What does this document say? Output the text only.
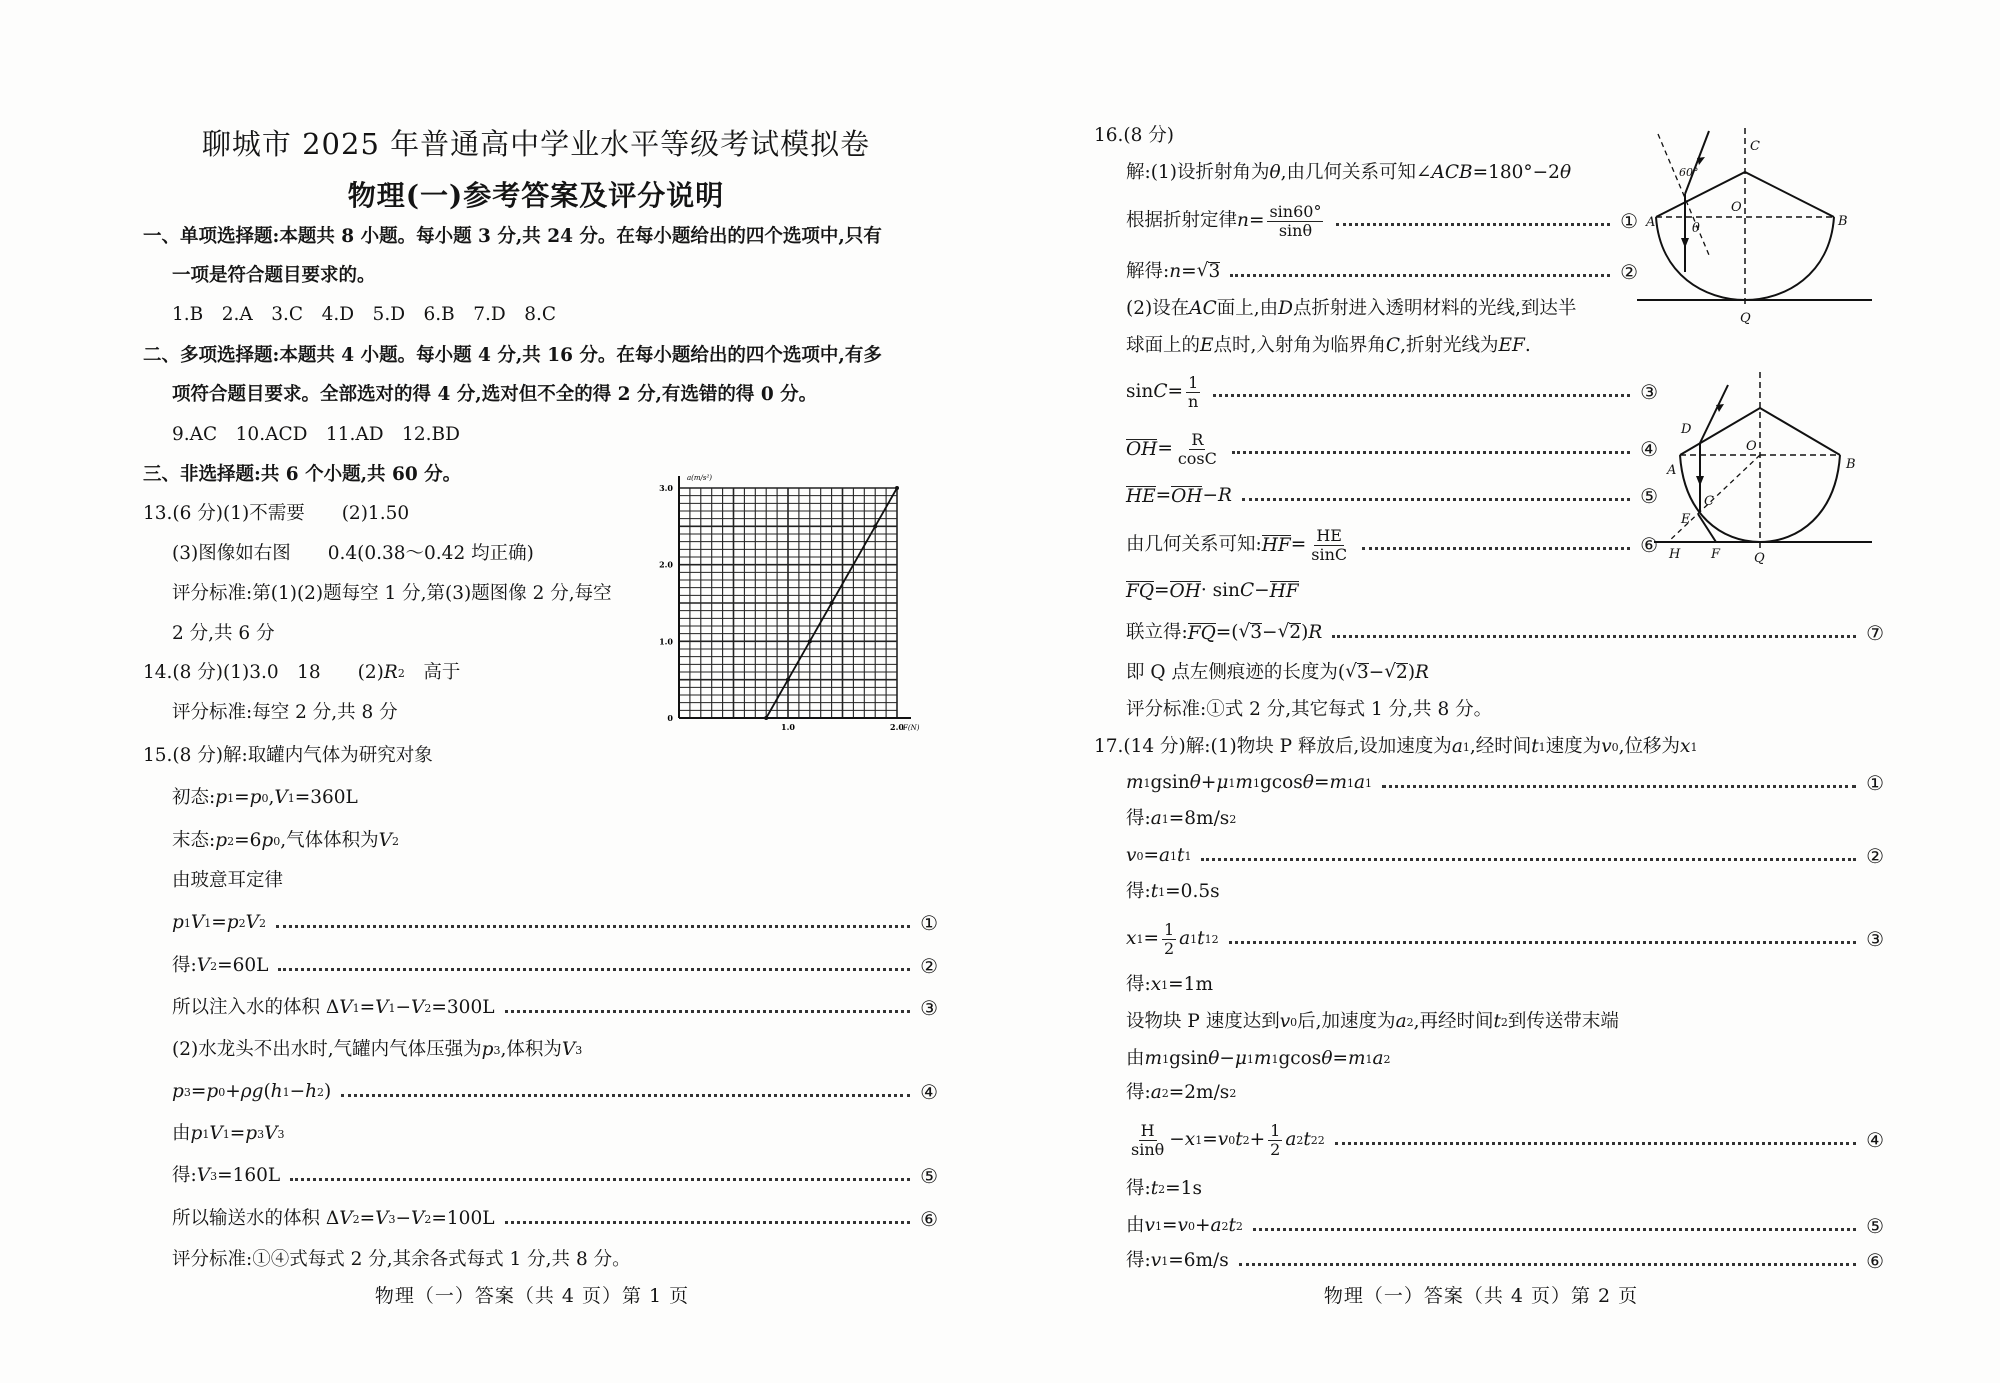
聊城市 2025 年普通高中学业水平等级考试模拟卷
物理(一)参考答案及评分说明
一、单项选择题:本题共 8 小题。每小题 3 分,共 24 分。在每小题给出的四个选项中,只有
一项是符合题目要求的。
1.B　2.A　3.C　4.D　5.D　6.B　7.D　8.C
二、多项选择题:本题共 4 小题。每小题 4 分,共 16 分。在每小题给出的四个选项中,有多
项符合题目要求。全部选对的得 4 分,选对但不全的得 2 分,有选错的得 0 分。
9.AC　10.ACD　11.AD　12.BD
三、非选择题:共 6 个小题,共 60 分。
13.(6 分)(1)不需要　　(2)1.50
(3)图像如右图　　0.4(0.38～0.42 均正确)
评分标准:第(1)(2)题每空 1 分,第(3)题图像 2 分,每空
2 分,共 6 分
14.(8 分)(1)3.0　18　　(2) R 2 　高于
评分标准:每空 2 分,共 8 分
15.(8 分)解:取罐内气体为研究对象
初态: p 1 = p 0 , V 1 =360L
末态: p 2 =6 p 0 ,气体体积为 V 2
由玻意耳定律
p 1 V 1 = p 2 V 2	①
得: V 2 =60L	②
所以注入水的体积 Δ V 1 = V 1 − V 2 =300L	③
(2)水龙头不出水时,气罐内气体压强为 p 3 ,体积为 V 3
p 3 = p 0 + ρg ( h 1 − h 2 )	④
由 p 1 V 1 = p 3 V 3
得: V 3 =160L	⑤
所以输送水的体积 Δ V 2 = V 3 − V 2 =100L	⑥
评分标准:①④式每式 2 分,其余各式每式 1 分,共 8 分。
物理（一）答案（共 4 页）第 1 页
16.(8 分)
解:(1)设折射角为 θ ,由几何关系可知∠ ACB =180°−2 θ
根据折射定律 $n = \frac{\sin 60^\circ}{\sin\theta}$	①
解得: n = √ 3	②
(2)设在 AC 面上,由 D 点折射进入透明材料的光线,到达半
球面上的 E 点时,入射角为临界角 C ,折射光线为 EF .
$\sin C = \frac{1}{n}$	③
OH = $\frac{R}{\cos C}$	④
HE = OH − R	⑤
由几何关系可知: HF = $\frac{HE}{\sin C}$	⑥
FQ = OH · sin C − HF
联立得: FQ =( √ 3 − √ 2 ) R	⑦
即 Q 点左侧痕迹的长度为( √ 3 − √ 2 ) R
评分标准:①式 2 分,其它每式 1 分,共 8 分。
17.(14 分)解:(1)物块 P 释放后,设加速度为 a 1 ,经时间 t 1 速度为 v 0 ,位移为 x 1
m 1 gsin θ + μ 1 m 1 gcos θ = m 1 a 1	①
得: a 1 =8m/s 2
v 0 = a 1 t 1	②
得: t 1 =0.5s
x $1 = \frac{1}{2}$ a 1 t 1 2	③
得: x 1 =1m
设物块 P 速度达到 v 0 后,加速度为 a 2 ,再经时间 t 2 到传送带末端
由 m 1 gsin θ − μ 1 m 1 gcos θ = m 1 a 2
得: a 2 =2m/s 2
$\frac{H}{\sin\theta} - x$ 1 = v 0 t $2 + \frac{1}{2}$ a 2 t 2 2	④
得: t 2 =1s
由 v 1 = v 0 + a 2 t 2	⑤
得: v 1 =6m/s	⑥
物理（一）答案（共 4 页）第 2 页
0
1.0
2.0
3.0
1.0	2.0
a(m/s²)
F(N)
C
60°
O
A	B
θ
Q
D
O
A	B
C
E
H F	Q
